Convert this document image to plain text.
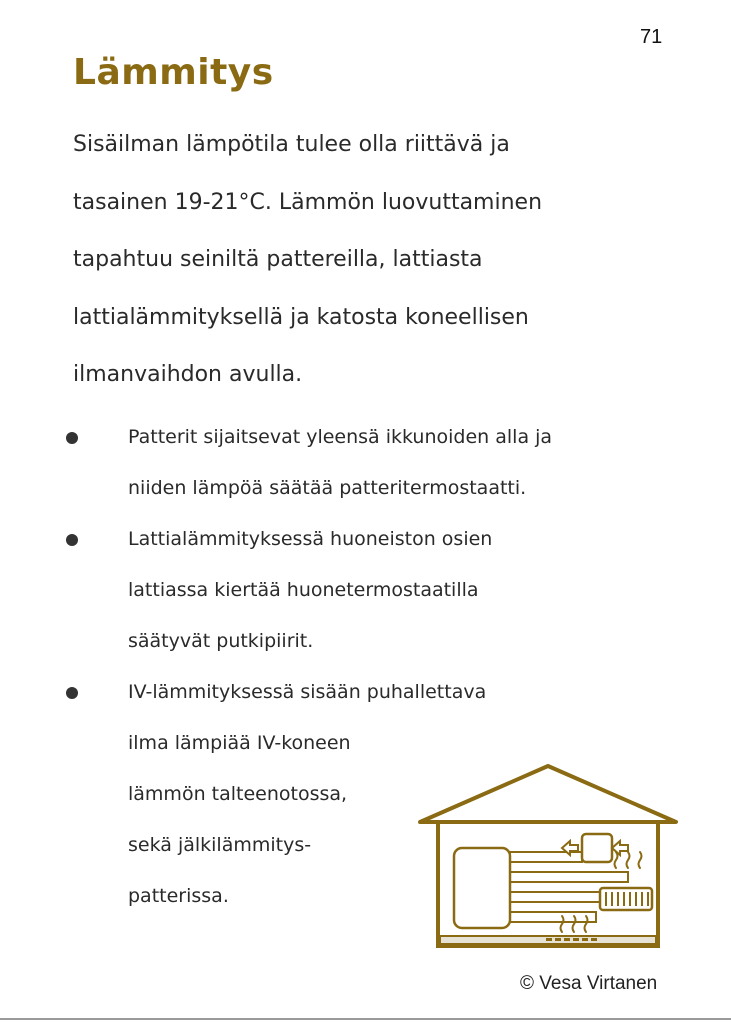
71
Lämmitys

Sisäilman lämpötila tulee olla riittävä ja
tasainen 19-21°C. Lämmön luovuttaminen
tapahtuu seiniltä pattereilla, lattiasta
lattialämmityksellä ja katosta koneellisen
ilmanvaihdon avulla.

Patterit sijaitsevat yleensä ikkunoiden alla ja
niiden lämpöä säätää patteritermostaatti.
Lattialämmityksessä huoneiston osien
lattiassa kiertää huonetermostaatilla
säätyvät putkipiirit.
IV-lämmityksessä sisään puhallettava
ilma lämpiää IV-koneen
lämmön talteenotossa,
sekä jälkilämmitys-
patterissa.
© Vesa Virtanen
